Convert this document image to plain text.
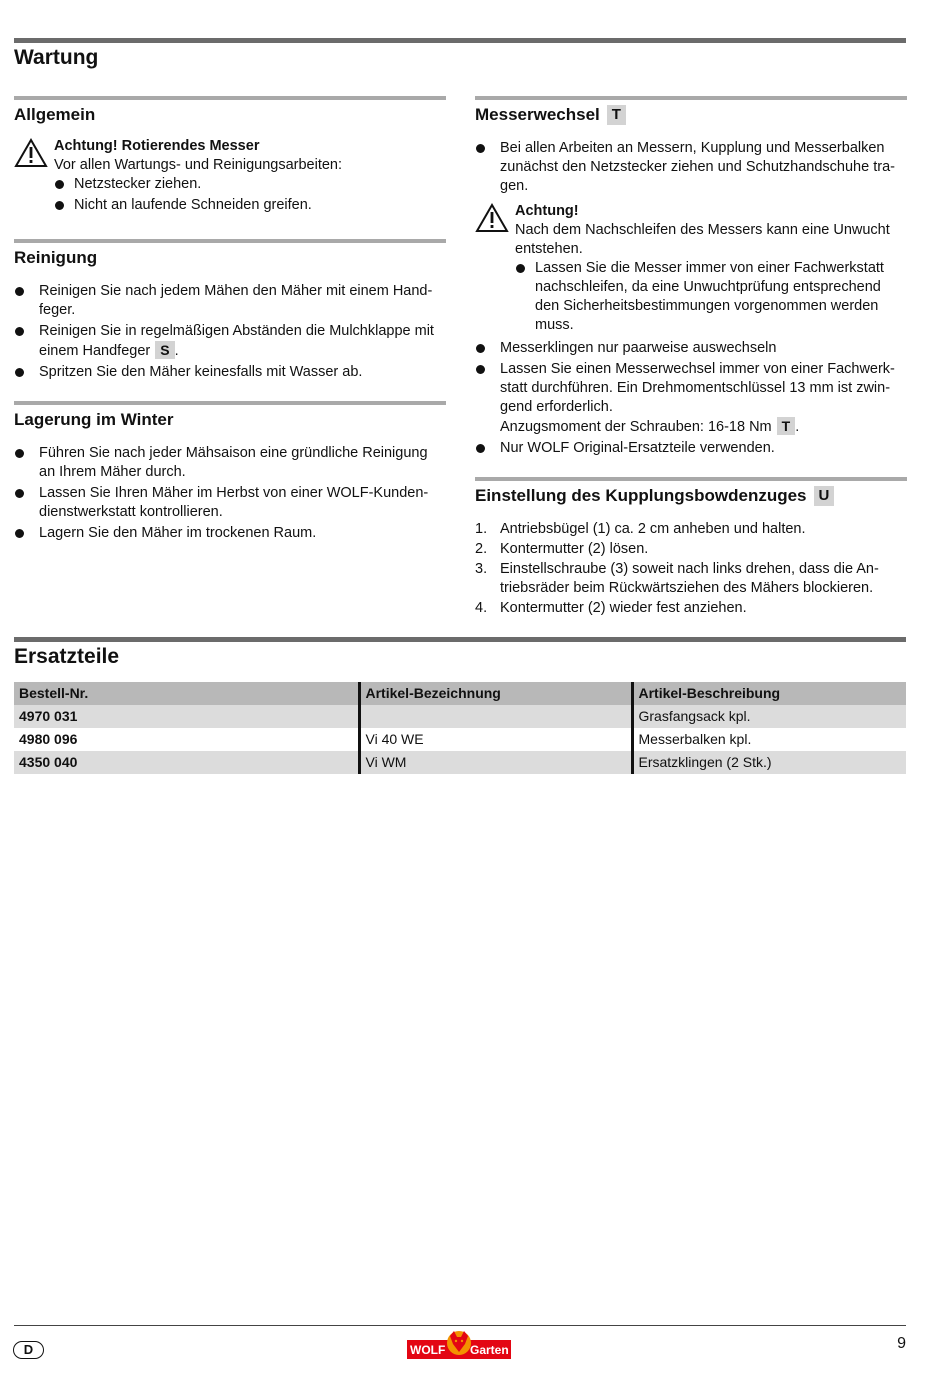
Wartung
Allgemein
Achtung! Rotierendes Messer
Vor allen Wartungs- und Reinigungsarbeiten:
Netzstecker ziehen.
Nicht an laufende Schneiden greifen.
Reinigung
Reinigen Sie nach jedem Mähen den Mäher mit einem Hand-feger.
Reinigen Sie in regelmäßigen Abständen die Mulchklappe mit einem Handfeger S .
Spritzen Sie den Mäher keinesfalls mit Wasser ab.
Lagerung im Winter
Führen Sie nach jeder Mähsaison eine gründliche Reinigung an Ihrem Mäher durch.
Lassen Sie Ihren Mäher im Herbst von einer WOLF-Kunden-dienstwerkstatt kontrollieren.
Lagern Sie den Mäher im trockenen Raum.
Messerwechsel T
Bei allen Arbeiten an Messern, Kupplung und Messerbalken zunächst den Netzstecker ziehen und Schutzhandschuhe tra-gen.
Achtung!
Nach dem Nachschleifen des Messers kann eine Unwucht entstehen.
Lassen Sie die Messer immer von einer Fachwerkstatt nachschleifen, da eine Unwuchtprüfung entsprechend den Sicherheitsbestimmungen vorgenommen werden muss.
Messerklingen nur paarweise auswechseln
Lassen Sie einen Messerwechsel immer von einer Fachwerk-statt durchführen. Ein Drehmomentschlüssel 13 mm ist zwin-gend erforderlich.
Anzugsmoment der Schrauben: 16-18 Nm T .
Nur WOLF Original-Ersatzteile verwenden.
Einstellung des Kupplungsbowdenzuges U
1. Antriebsbügel (1) ca. 2 cm anheben und halten.
2. Kontermutter (2) lösen.
3. Einstellschraube (3) soweit nach links drehen, dass die An-triebsräder beim Rückwärtsziehen des Mähers blockieren.
4. Kontermutter (2) wieder fest anziehen.
Ersatzteile
Bestell-Nr.	Artikel-Bezeichnung	Artikel-Beschreibung
4970 031		Grasfangsack kpl.
4980 096	Vi 40 WE	Messerbalken kpl.
4350 040	Vi WM	Ersatzklingen (2 Stk.)
D	WOLF Garten	9
